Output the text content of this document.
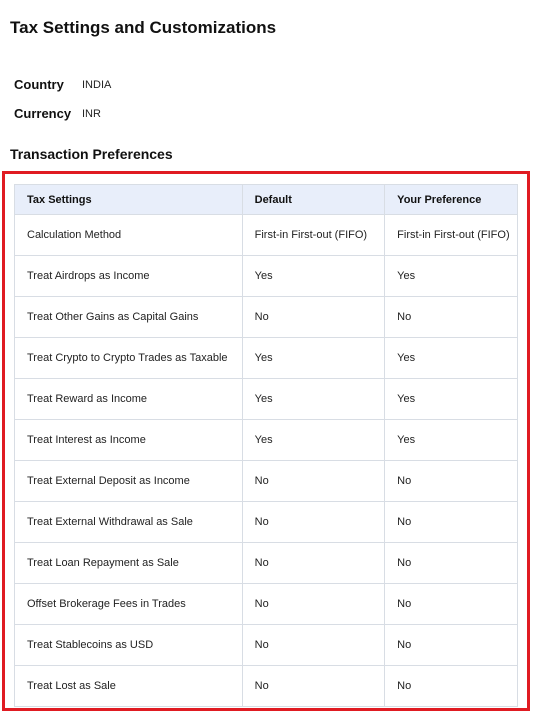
Tax Settings and Customizations
Country	INDIA
Currency INR
Transaction Preferences
Tax Settings	Default	Your Preference
Calculation Method	First-in First-out (FIFO)	First-in First-out (FIFO)
Treat Airdrops as Income	Yes	Yes
Treat Other Gains as Capital Gains	No	No
Treat Crypto to Crypto Trades as Taxable	Yes	Yes
Treat Reward as Income	Yes	Yes
Treat Interest as Income	Yes	Yes
Treat External Deposit as Income	No	No
Treat External Withdrawal as Sale	No	No
Treat Loan Repayment as Sale	No	No
Offset Brokerage Fees in Trades	No	No
Treat Stablecoins as USD	No	No
Treat Lost as Sale	No	No
